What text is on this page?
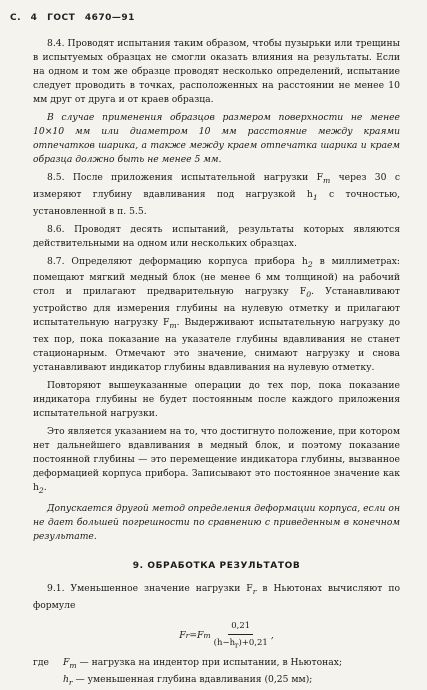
С. 4 ГОСТ 4670—91

8.4. Проводят испытания таким образом, чтобы пузырьки или трещины в испытуемых образцах не смогли оказать влияния на результаты. Если на одном и том же образце проводят несколько определений, испытание следует проводить в точках, расположенных на расстоянии не менее 10 мм друг от друга и от краев образца.

В случае применения образцов размером поверхности не менее 10×10 мм или диаметром 10 мм расстояние между краями отпечатков шарика, а также между краем отпечатка шарика и краем образца должно быть не менее 5 мм.

8.5. После приложения испытательной нагрузки $F_m$ через 30 с измеряют глубину вдавливания под нагрузкой $h_1$ с точностью, установленной в п. 5.5.

8.6. Проводят десять испытаний, результаты которых являются действительными на одном или нескольких образцах.

8.7. Определяют деформацию корпуса прибора $h_2$ в миллиметрах: помещают мягкий медный блок (не менее 6 мм толщиной) на рабочий стол и прилагают предварительную нагрузку $F_0$. Устанавливают устройство для измерения глубины на нулевую отметку и прилагают испытательную нагрузку $F_m$. Выдерживают испытательную нагрузку до тех пор, пока показание на указателе глубины вдавливания не станет стационарным. Отмечают это значение, снимают нагрузку и снова устанавливают индикатор глубины вдавливания на нулевую отметку.

Повторяют вышеуказанные операции до тех пор, пока показание индикатора глубины не будет постоянным после каждого приложения испытательной нагрузки.

Это является указанием на то, что достигнуто положение, при котором нет дальнейшего вдавливания в медный блок, и поэтому показание постоянной глубины — это перемещение индикатора глубины, вызванное деформацией корпуса прибора. Записывают это постоянное значение как $h_2$.

Допускается другой метод определения деформации корпуса, если он не дает большей погрешности по сравнению с приведенным в конечном результате.

9. ОБРАБОТКА РЕЗУЛЬТАТОВ

9.1. Уменьшенное значение нагрузки $F_r$ в Ньютонах вычисляют по формуле

F r = F m $\frac{0,21}{(h-h_r)+0,21}$ ,
где	$F_m$ — нагрузка на индентор при испытании, в Ньютонах;
$h_r$ — уменьшенная глубина вдавливания (0,25 мм);
